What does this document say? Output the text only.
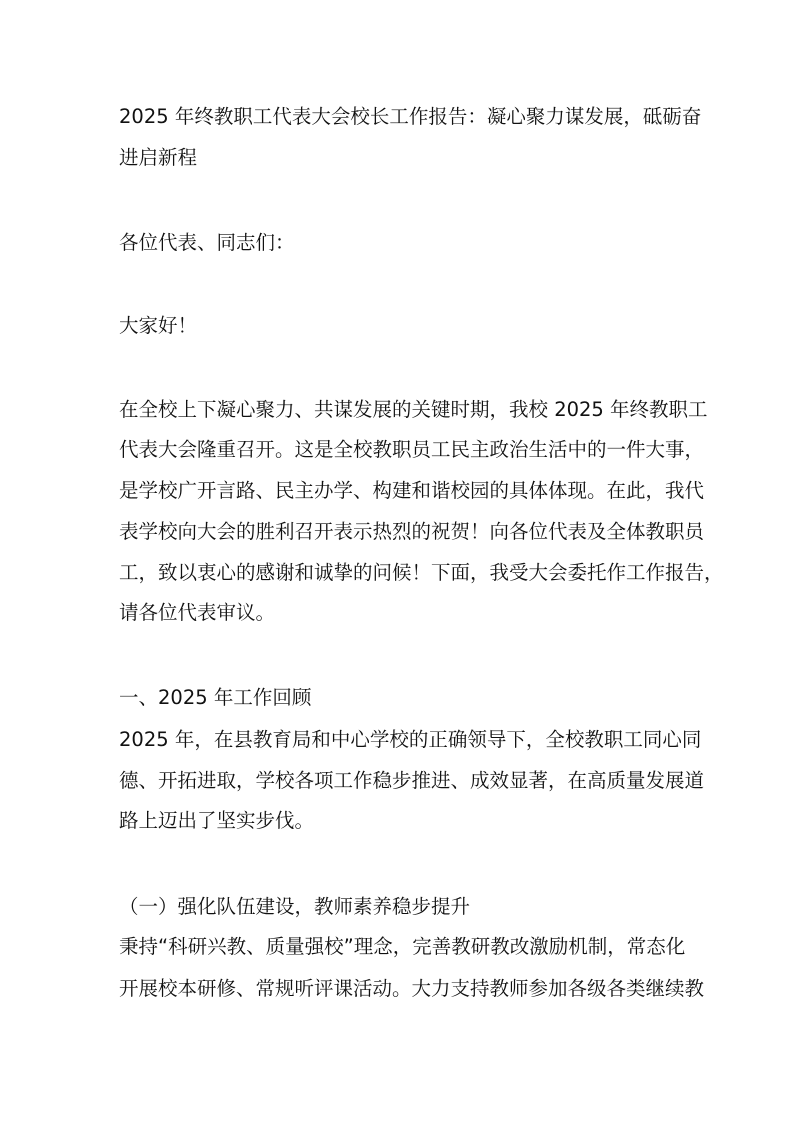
2025 年终教职工代表大会校长工作报告：凝心聚力谋发展，砥砺奋
进启新程
各位代表、同志们：
大家好！
在全校上下凝心聚力、共谋发展的关键时期，我校 2025 年终教职工
代表大会隆重召开。这是全校教职员工民主政治生活中的一件大事，
是学校广开言路、民主办学、构建和谐校园的具体体现。在此，我代
表学校向大会的胜利召开表示热烈的祝贺！向各位代表及全体教职员
工，致以衷心的感谢和诚挚的问候！下面，我受大会委托作工作报告，
请各位代表审议。
一、2025 年工作回顾
2025 年，在县教育局和中心学校的正确领导下，全校教职工同心同
德、开拓进取，学校各项工作稳步推进、成效显著，在高质量发展道
路上迈出了坚实步伐。
（一）强化队伍建设，教师素养稳步提升
秉持“科研兴教、质量强校”理念，完善教研教改激励机制，常态化
开展校本研修、常规听评课活动。大力支持教师参加各级各类继续教
